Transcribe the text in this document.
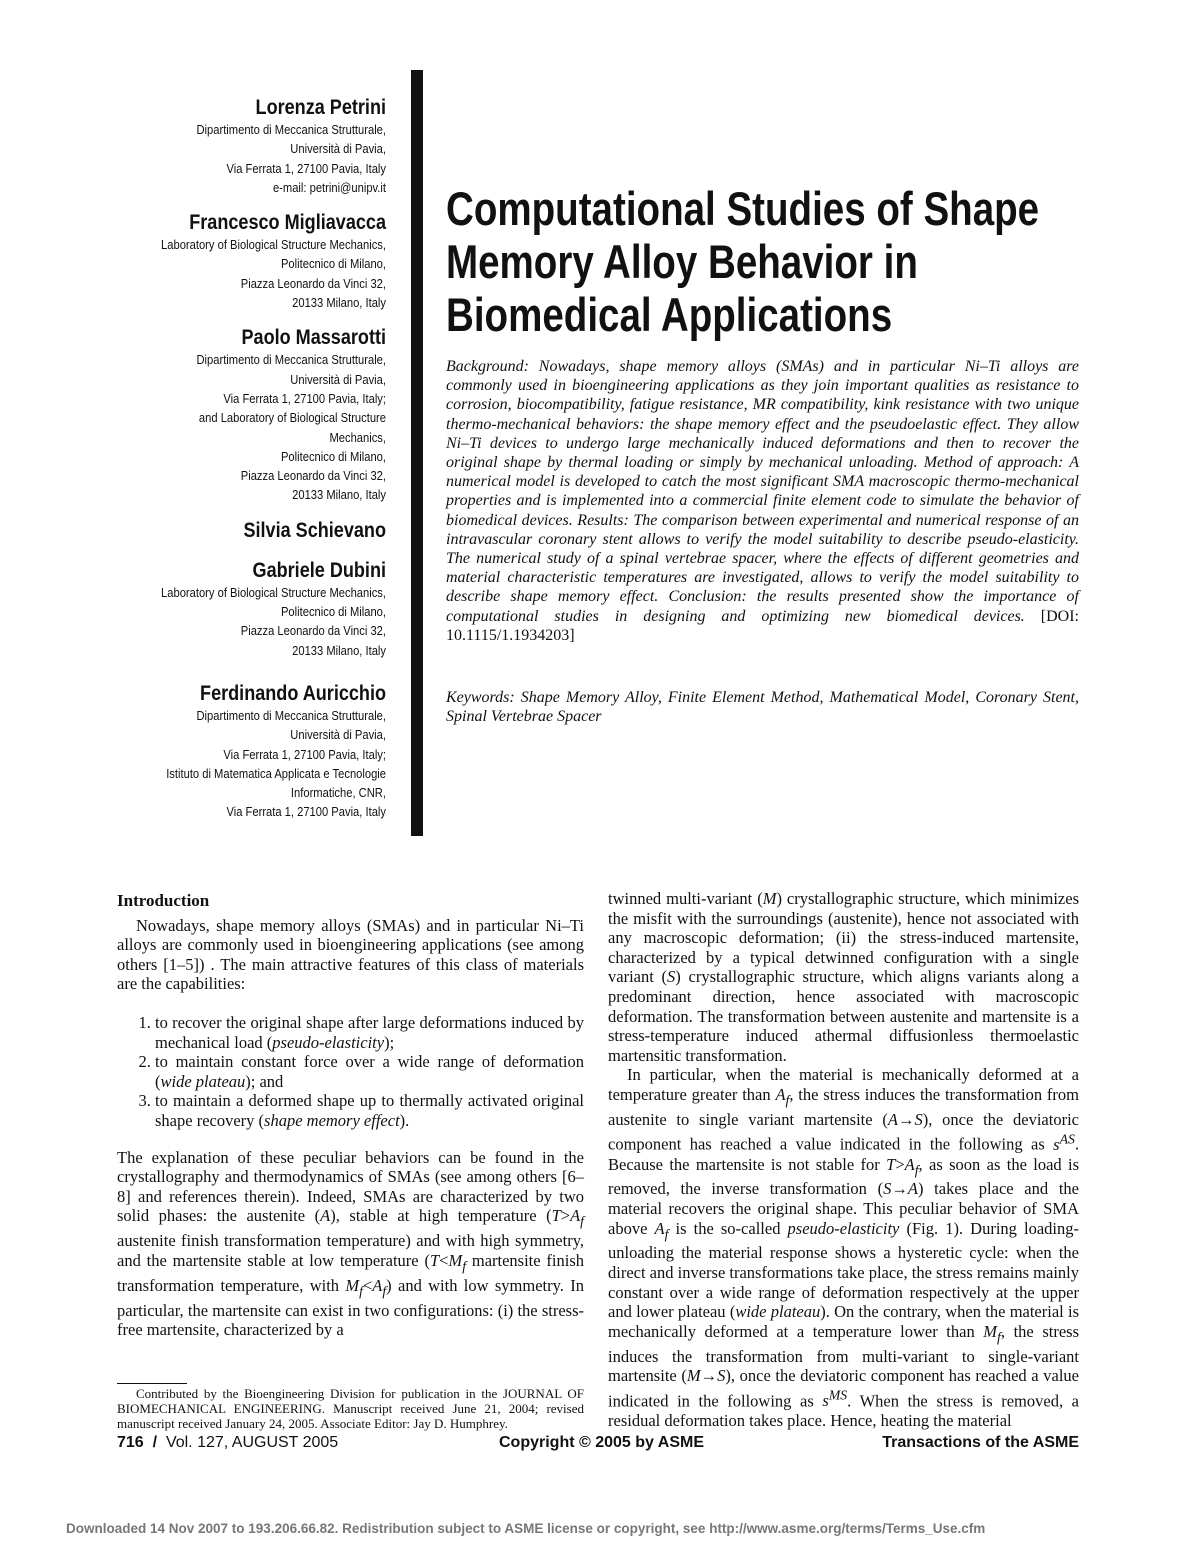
Lorenza Petrini
Dipartimento di Meccanica Strutturale,
Università di Pavia,
Via Ferrata 1, 27100 Pavia, Italy
e-mail: petrini@unipv.it
Francesco Migliavacca
Laboratory of Biological Structure Mechanics,
Politecnico di Milano,
Piazza Leonardo da Vinci 32,
20133 Milano, Italy
Paolo Massarotti
Dipartimento di Meccanica Strutturale,
Università di Pavia,
Via Ferrata 1, 27100 Pavia, Italy;
and Laboratory of Biological Structure
Mechanics,
Politecnico di Milano,
Piazza Leonardo da Vinci 32,
20133 Milano, Italy
Silvia Schievano
Gabriele Dubini
Laboratory of Biological Structure Mechanics,
Politecnico di Milano,
Piazza Leonardo da Vinci 32,
20133 Milano, Italy
Ferdinando Auricchio
Dipartimento di Meccanica Strutturale,
Università di Pavia,
Via Ferrata 1, 27100 Pavia, Italy;
Istituto di Matematica Applicata e Tecnologie
Informatiche, CNR,
Via Ferrata 1, 27100 Pavia, Italy
Computational Studies of Shape
Memory Alloy Behavior in
Biomedical Applications
Background: Nowadays, shape memory alloys (SMAs) and in particular Ni–Ti alloys are commonly used in bioengineering applications as they join important qualities as resistance to corrosion, biocompatibility, fatigue resistance, MR compatibility, kink resistance with two unique thermo-mechanical behaviors: the shape memory effect and the pseudoelastic effect. They allow Ni–Ti devices to undergo large mechanically induced deformations and then to recover the original shape by thermal loading or simply by mechanical unloading. Method of approach: A numerical model is developed to catch the most significant SMA macroscopic thermo-mechanical properties and is implemented into a commercial finite element code to simulate the behavior of biomedical devices. Results: The comparison between experimental and numerical response of an intravascular coronary stent allows to verify the model suitability to describe pseudo-elasticity. The numerical study of a spinal vertebrae spacer, where the effects of different geometries and material characteristic temperatures are investigated, allows to verify the model suitability to describe shape memory effect. Conclusion: the results presented show the importance of computational studies in designing and optimizing new biomedical devices. [DOI: 10.1115/1.1934203]
Keywords: Shape Memory Alloy, Finite Element Method, Mathematical Model, Coronary Stent, Spinal Vertebrae Spacer
Introduction

Nowadays, shape memory alloys (SMAs) and in particular Ni–Ti alloys are commonly used in bioengineering applications (see among others [1–5]) . The main attractive features of this class of materials are the capabilities:

1. to recover the original shape after large deformations induced by mechanical load (pseudo-elasticity);
2. to maintain constant force over a wide range of deformation (wide plateau); and
3. to maintain a deformed shape up to thermally activated original shape recovery (shape memory effect).

The explanation of these peculiar behaviors can be found in the crystallography and thermodynamics of SMAs (see among others [6–8] and references therein). Indeed, SMAs are characterized by two solid phases: the austenite (A), stable at high temperature ($T>A_f$ austenite finish transformation temperature) and with high symmetry, and the martensite stable at low temperature ($T<M_f$ martensite finish transformation temperature, with $M_f<A_f$) and with low symmetry. In particular, the martensite can exist in two configurations: (i) the stress-free martensite, characterized by a

twinned multi-variant (M) crystallographic structure, which minimizes the misfit with the surroundings (austenite), hence not associated with any macroscopic deformation; (ii) the stress-induced martensite, characterized by a typical detwinned configuration with a single variant (S) crystallographic structure, which aligns variants along a predominant direction, hence associated with macroscopic deformation. The transformation between austenite and martensite is a stress-temperature induced athermal diffusionless thermoelastic martensitic transformation.

In particular, when the material is mechanically deformed at a temperature greater than $A_f$, the stress induces the transformation from austenite to single variant martensite (A→S), once the deviatoric component has reached a value indicated in the following as $s^{AS}$. Because the martensite is not stable for $T>A_f$, as soon as the load is removed, the inverse transformation (S→A) takes place and the material recovers the original shape. This peculiar behavior of SMA above $A_f$ is the so-called pseudo-elasticity (Fig. 1). During loading-unloading the material response shows a hysteretic cycle: when the direct and inverse transformations take place, the stress remains mainly constant over a wide range of deformation respectively at the upper and lower plateau (wide plateau). On the contrary, when the material is mechanically deformed at a temperature lower than $M_f$, the stress induces the transformation from multi-variant to single-variant martensite (M→S), once the deviatoric component has reached a value indicated in the following as $s^{MS}$. When the stress is removed, a residual deformation takes place. Hence, heating the material

Contributed by the Bioengineering Division for publication in the JOURNAL OF BIOMECHANICAL ENGINEERING. Manuscript received June 21, 2004; revised manuscript received January 24, 2005. Associate Editor: Jay D. Humphrey.
716 / Vol. 127, AUGUST 2005	Copyright © 2005 by ASME	Transactions of the ASME
Downloaded 14 Nov 2007 to 193.206.66.82. Redistribution subject to ASME license or copyright, see http://www.asme.org/terms/Terms_Use.cfm
